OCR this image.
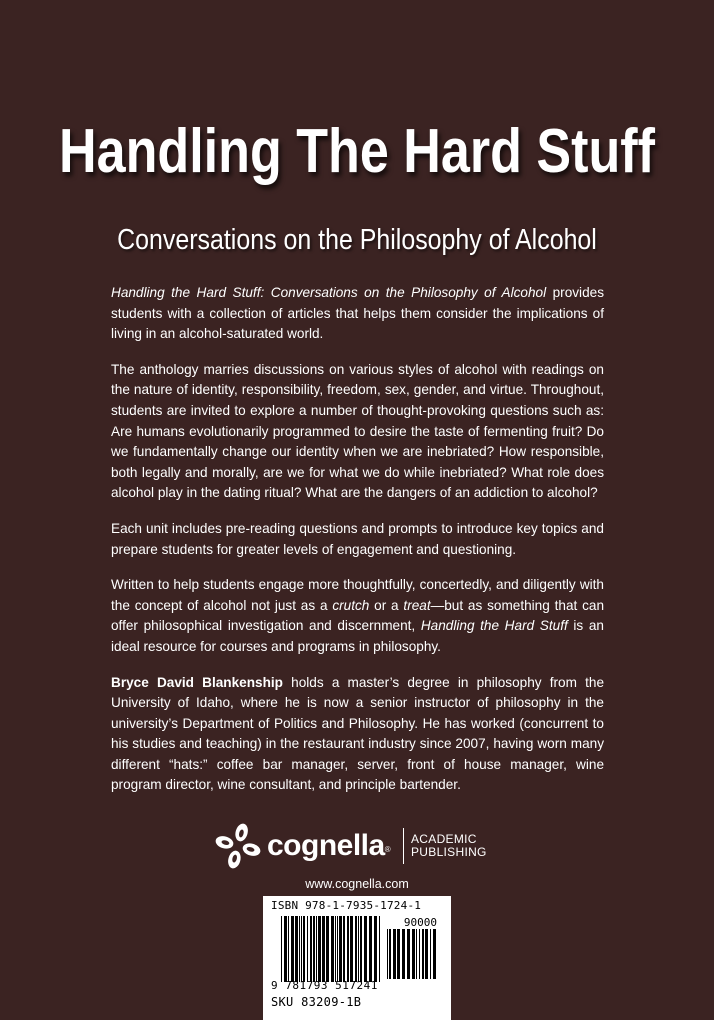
Handling The Hard Stuff
Conversations on the Philosophy of Alcohol

Handling the Hard Stuff: Conversations on the Philosophy of Alcohol provides students with a collection of articles that helps them consider the implications of living in an alcohol-saturated world.

The anthology marries discussions on various styles of alcohol with readings on the nature of identity, responsibility, freedom, sex, gender, and virtue. Throughout, students are invited to explore a number of thought-provoking questions such as: Are humans evolutionarily programmed to desire the taste of fermenting fruit? Do we fundamentally change our identity when we are inebriated? How responsible, both legally and morally, are we for what we do while inebriated? What role does alcohol play in the dating ritual? What are the dangers of an addiction to alcohol?

Each unit includes pre-reading questions and prompts to introduce key topics and prepare students for greater levels of engagement and questioning.

Written to help students engage more thoughtfully, concertedly, and diligently with the concept of alcohol not just as a crutch or a treat—but as something that can offer philosophical investigation and discernment, Handling the Hard Stuff is an ideal resource for courses and programs in philosophy.

Bryce David Blankenship holds a master’s degree in philosophy from the University of Idaho, where he is now a senior instructor of philosophy in the university’s Department of Politics and Philosophy. He has worked (concurrent to his studies and teaching) in the restaurant industry since 2007, having worn many different “hats:” coffee bar manager, server, front of house manager, wine program director, wine consultant, and principle bartender.

cognella®
ACADEMIC
PUBLISHING
www.cognella.com
ISBN 978-1-7935-1724-1
90000
9 781793 517241
SKU 83209-1B
